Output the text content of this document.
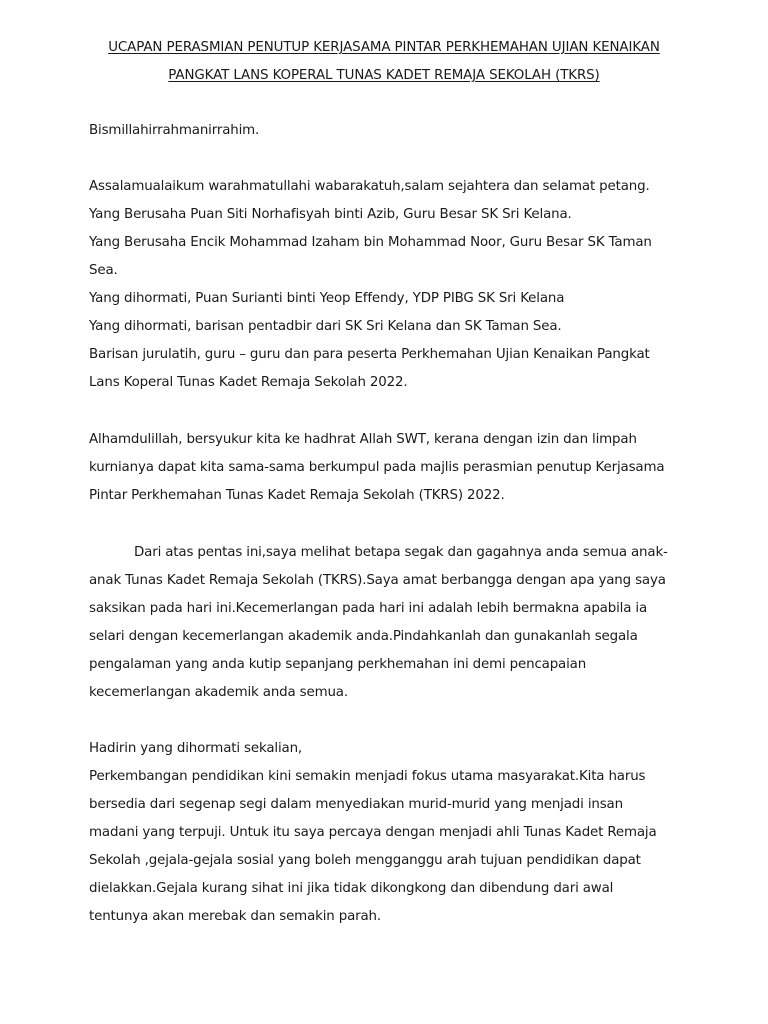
UCAPAN PERASMIAN PENUTUP KERJASAMA PINTAR PERKHEMAHAN UJIAN KENAIKAN
PANGKAT LANS KOPERAL TUNAS KADET REMAJA SEKOLAH (TKRS)
Bismillahirrahmanirrahim.
Assalamualaikum warahmatullahi wabarakatuh,salam sejahtera dan selamat petang.
Yang Berusaha Puan Siti Norhafisyah binti Azib, Guru Besar SK Sri Kelana.
Yang Berusaha Encik Mohammad Izaham bin Mohammad Noor, Guru Besar SK Taman
Sea.
Yang dihormati, Puan Surianti binti Yeop Effendy, YDP PIBG SK Sri Kelana
Yang dihormati, barisan pentadbir dari SK Sri Kelana dan SK Taman Sea.
Barisan jurulatih, guru – guru dan para peserta Perkhemahan Ujian Kenaikan Pangkat
Lans Koperal Tunas Kadet Remaja Sekolah 2022.
Alhamdulillah, bersyukur kita ke hadhrat Allah SWT, kerana dengan izin dan limpah
kurnianya dapat kita sama-sama berkumpul pada majlis perasmian penutup Kerjasama
Pintar Perkhemahan Tunas Kadet Remaja Sekolah (TKRS) 2022.
Dari atas pentas ini,saya melihat betapa segak dan gagahnya anda semua anak-
anak Tunas Kadet Remaja Sekolah (TKRS).Saya amat berbangga dengan apa yang saya
saksikan pada hari ini.Kecemerlangan pada hari ini adalah lebih bermakna apabila ia
selari dengan kecemerlangan akademik anda.Pindahkanlah dan gunakanlah segala
pengalaman yang anda kutip sepanjang perkhemahan ini demi pencapaian
kecemerlangan akademik anda semua.
Hadirin yang dihormati sekalian,
Perkembangan pendidikan kini semakin menjadi fokus utama masyarakat.Kita harus
bersedia dari segenap segi dalam menyediakan murid-murid yang menjadi insan
madani yang terpuji. Untuk itu saya percaya dengan menjadi ahli Tunas Kadet Remaja
Sekolah ,gejala-gejala sosial yang boleh mengganggu arah tujuan pendidikan dapat
dielakkan.Gejala kurang sihat ini jika tidak dikongkong dan dibendung dari awal
tentunya akan merebak dan semakin parah.
